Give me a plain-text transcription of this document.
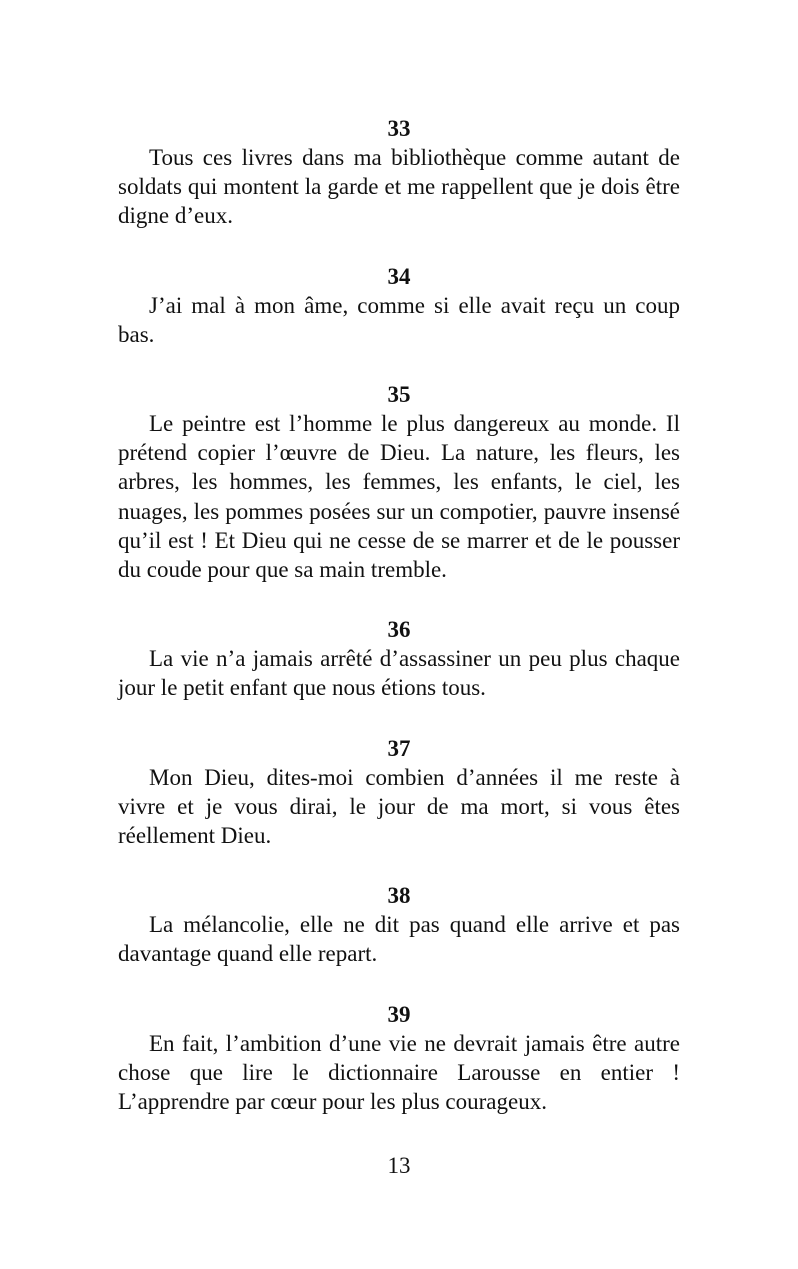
33

Tous ces livres dans ma bibliothèque comme autant de soldats qui montent la garde et me rappellent que je dois être digne d’eux.

34

J’ai mal à mon âme, comme si elle avait reçu un coup bas.

35

Le peintre est l’homme le plus dangereux au monde. Il prétend copier l’œuvre de Dieu. La nature, les fleurs, les arbres, les hommes, les femmes, les enfants, le ciel, les nuages, les pommes posées sur un compotier, pauvre insensé qu’il est ! Et Dieu qui ne cesse de se marrer et de le pousser du coude pour que sa main tremble.

36

La vie n’a jamais arrêté d’assassiner un peu plus chaque jour le petit enfant que nous étions tous.

37

Mon Dieu, dites-moi combien d’années il me reste à vivre et je vous dirai, le jour de ma mort, si vous êtes réellement Dieu.

38

La mélancolie, elle ne dit pas quand elle arrive et pas davantage quand elle repart.

39

En fait, l’ambition d’une vie ne devrait jamais être autre chose que lire le dictionnaire Larousse en entier ! L’apprendre par cœur pour les plus courageux.

13
